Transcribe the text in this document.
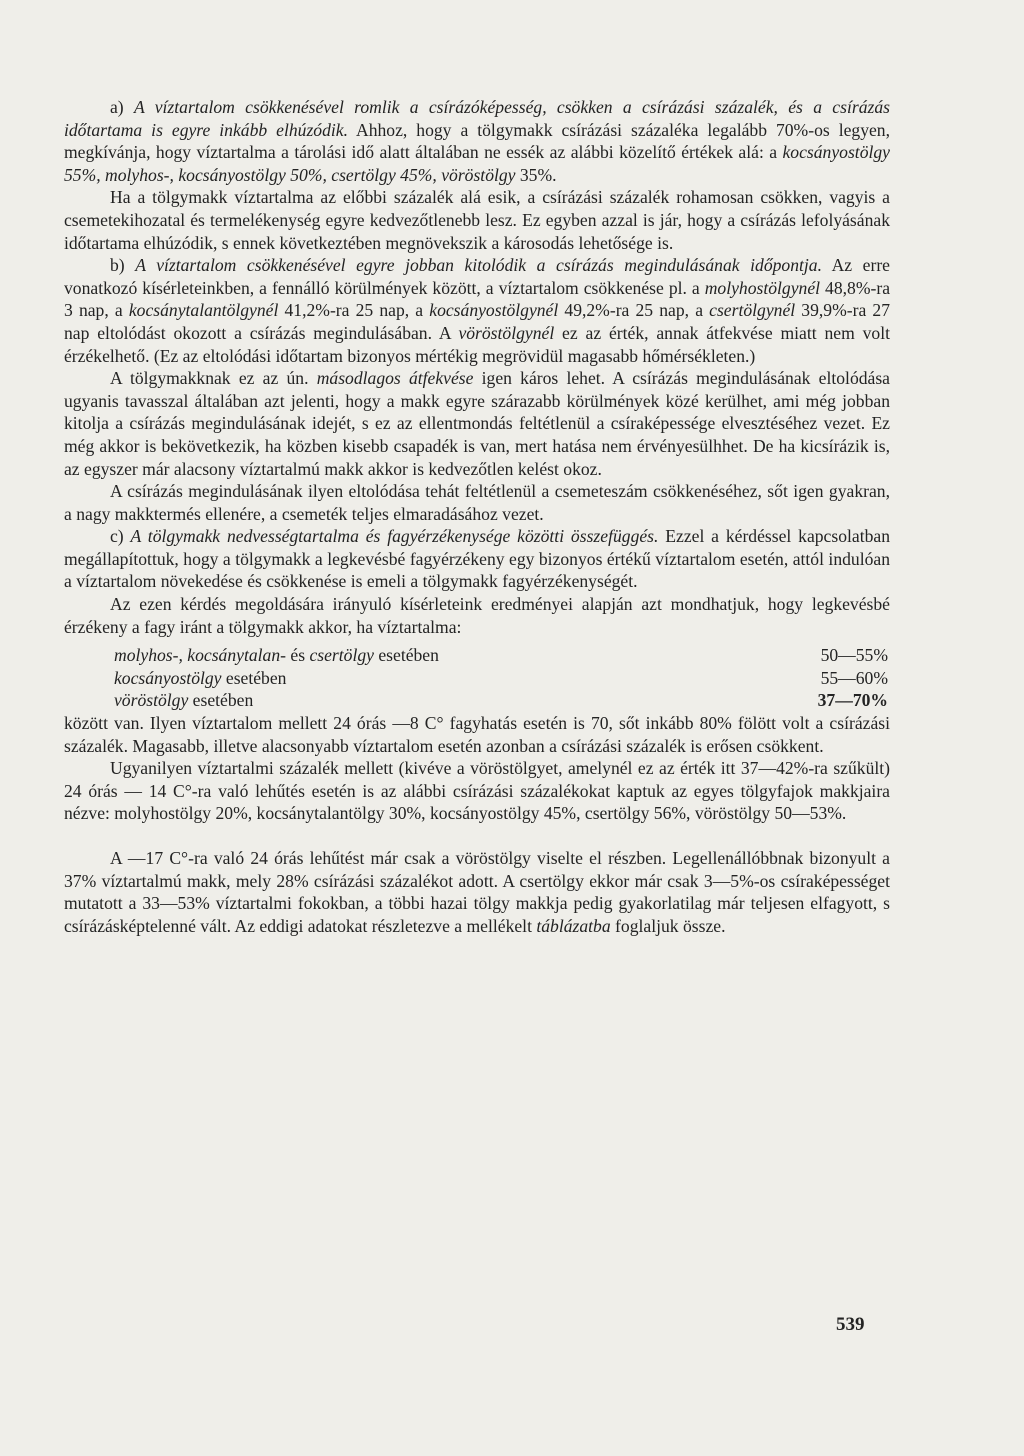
a) A víztartalom csökkenésével romlik a csírázóképesség, csökken a csírázási százalék, és a csírázás időtartama is egyre inkább elhúzódik. Ahhoz, hogy a tölgymakk csírázási százaléka legalább 70%-os legyen, megkívánja, hogy víztartalma a tárolási idő alatt általában ne essék az alábbi közelítő értékek alá: a kocsányostölgy 55%, molyhos-, kocsányostölgy 50%, csertölgy 45%, vöröstölgy 35%.

Ha a tölgymakk víztartalma az előbbi százalék alá esik, a csírázási százalék rohamosan csökken, vagyis a csemetekihozatal és termelékenység egyre kedvezőtlenebb lesz. Ez egyben azzal is jár, hogy a csírázás lefolyásának időtartama elhúzódik, s ennek következtében megnövekszik a károsodás lehetősége is.

b) A víztartalom csökkenésével egyre jobban kitolódik a csírázás megindulásának időpontja. Az erre vonatkozó kísérleteinkben, a fennálló körülmények között, a víztartalom csökkenése pl. a molyhostölgynél 48,8%-ra 3 nap, a kocsánytalantölgynél 41,2%-ra 25 nap, a kocsányostölgynél 49,2%-ra 25 nap, a csertölgynél 39,9%-ra 27 nap eltolódást okozott a csírázás megindulásában. A vöröstölgynél ez az érték, annak átfekvése miatt nem volt érzékelhető. (Ez az eltolódási időtartam bizonyos mértékig megrövidül magasabb hőmérsékleten.)

A tölgymakknak ez az ún. másodlagos átfekvése igen káros lehet. A csírázás megindulásának eltolódása ugyanis tavasszal általában azt jelenti, hogy a makk egyre szárazabb körülmények közé kerülhet, ami még jobban kitolja a csírázás megindulásának idejét, s ez az ellentmondás feltétlenül a csíraképessége elvesztéséhez vezet. Ez még akkor is bekövetkezik, ha közben kisebb csapadék is van, mert hatása nem érvényesülhhet. De ha kicsírázik is, az egyszer már alacsony víztartalmú makk akkor is kedvezőtlen kelést okoz.

A csírázás megindulásának ilyen eltolódása tehát feltétlenül a csemeteszám csökkenéséhez, sőt igen gyakran, a nagy makktermés ellenére, a csemeték teljes elmaradásához vezet.

c) A tölgymakk nedvességtartalma és fagyérzékenysége közötti összefüggés. Ezzel a kérdéssel kapcsolatban megállapítottuk, hogy a tölgymakk a legkevésbé fagyérzékeny egy bizonyos értékű víztartalom esetén, attól indulóan a víztartalom növekedése és csökkenése is emeli a tölgymakk fagyérzékenységét.

Az ezen kérdés megoldására irányuló kísérleteink eredményei alapján azt mondhatjuk, hogy legkevésbé érzékeny a fagy iránt a tölgymakk akkor, ha víztartalma:

molyhos-, kocsánytalan- és csertölgy esetében	50—55%
kocsányostölgy esetében	55—60%
vöröstölgy esetében	37—70%

között van. Ilyen víztartalom mellett 24 órás —8 C° fagyhatás esetén is 70, sőt inkább 80% fölött volt a csírázási százalék. Magasabb, illetve alacsonyabb víztartalom esetén azonban a csírázási százalék is erősen csökkent.

Ugyanilyen víztartalmi százalék mellett (kivéve a vöröstölgyet, amelynél ez az érték itt 37—42%-ra szűkült) 24 órás — 14 C°-ra való lehűtés esetén is az alábbi csírázási százalékokat kaptuk az egyes tölgyfajok makkjaira nézve: molyhostölgy 20%, kocsánytalantölgy 30%, kocsányostölgy 45%, csertölgy 56%, vöröstölgy 50—53%.

A —17 C°-ra való 24 órás lehűtést már csak a vöröstölgy viselte el részben. Legellenállóbbnak bizonyult a 37% víztartalmú makk, mely 28% csírázási százalékot adott. A csertölgy ekkor már csak 3—5%-os csíraképességet mutatott a 33—53% víztartalmi fokokban, a többi hazai tölgy makkja pedig gyakorlatilag már teljesen elfagyott, s csírázásképtelenné vált. Az eddigi adatokat részletezve a mellékelt táblázatba foglaljuk össze.

539
